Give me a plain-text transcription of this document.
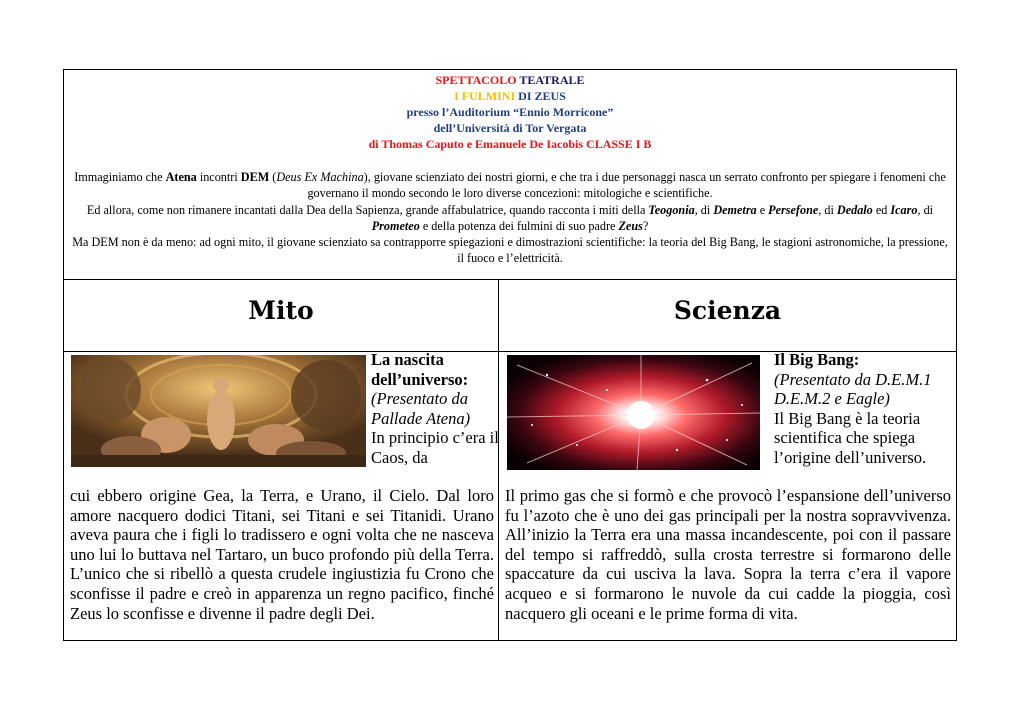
SPETTACOLO TEATRALE
I FULMINI DI ZEUS
presso l’Auditorium “Ennio Morricone”
dell’Università di Tor Vergata
di Thomas Caputo e Emanuele De Iacobis CLASSE I B
Immaginiamo che Atena incontri DEM (Deus Ex Machina), giovane scienziato dei nostri giorni, e che tra i due personaggi nasca un serrato confronto per spiegare i fenomeni che governano il mondo secondo le loro diverse concezioni: mitologiche e scientifiche.
Ed allora, come non rimanere incantati dalla Dea della Sapienza, grande affabulatrice, quando racconta i miti della Teogonia, di Demetra e Persefone, di Dedalo ed Icaro, di Prometeo e della potenza dei fulmini di suo padre Zeus?
Ma DEM non è da meno: ad ogni mito, il giovane scienziato sa contrapporre spiegazioni e dimostrazioni scientifiche: la teoria del Big Bang, le stagioni astronomiche, la pressione, il fuoco e l’elettricità.
Mito	Scienza
La nascita dell’universo:
(Presentato da Pallade Atena)
In principio c’era il Caos, da
Il Big Bang:
(Presentato da D.E.M.1 D.E.M.2 e Eagle)
Il Big Bang è la teoria scientifica che spiega l’origine dell’universo.
cui ebbero origine Gea, la Terra, e Urano, il Cielo. Dal loro amore nacquero dodici Titani, sei Titani e sei Titanidi. Urano aveva paura che i figli lo tradissero e ogni volta che ne nasceva uno lui lo buttava nel Tartaro, un buco profondo più della Terra. L’unico che si ribellò a questa crudele ingiustizia fu Crono che sconfisse il padre e creò in apparenza un regno pacifico, finché Zeus lo sconfisse e divenne il padre degli Dei.
Il primo gas che si formò e che provocò l’espansione dell’universo fu l’azoto che è uno dei gas principali per la nostra sopravvivenza. All’inizio la Terra era una massa incandescente, poi con il passare del tempo si raffreddò, sulla crosta terrestre si formarono delle spaccature da cui usciva la lava. Sopra la terra c’era il vapore acqueo e si formarono le nuvole da cui cadde la pioggia, così nacquero gli oceani e le prime forma di vita.
